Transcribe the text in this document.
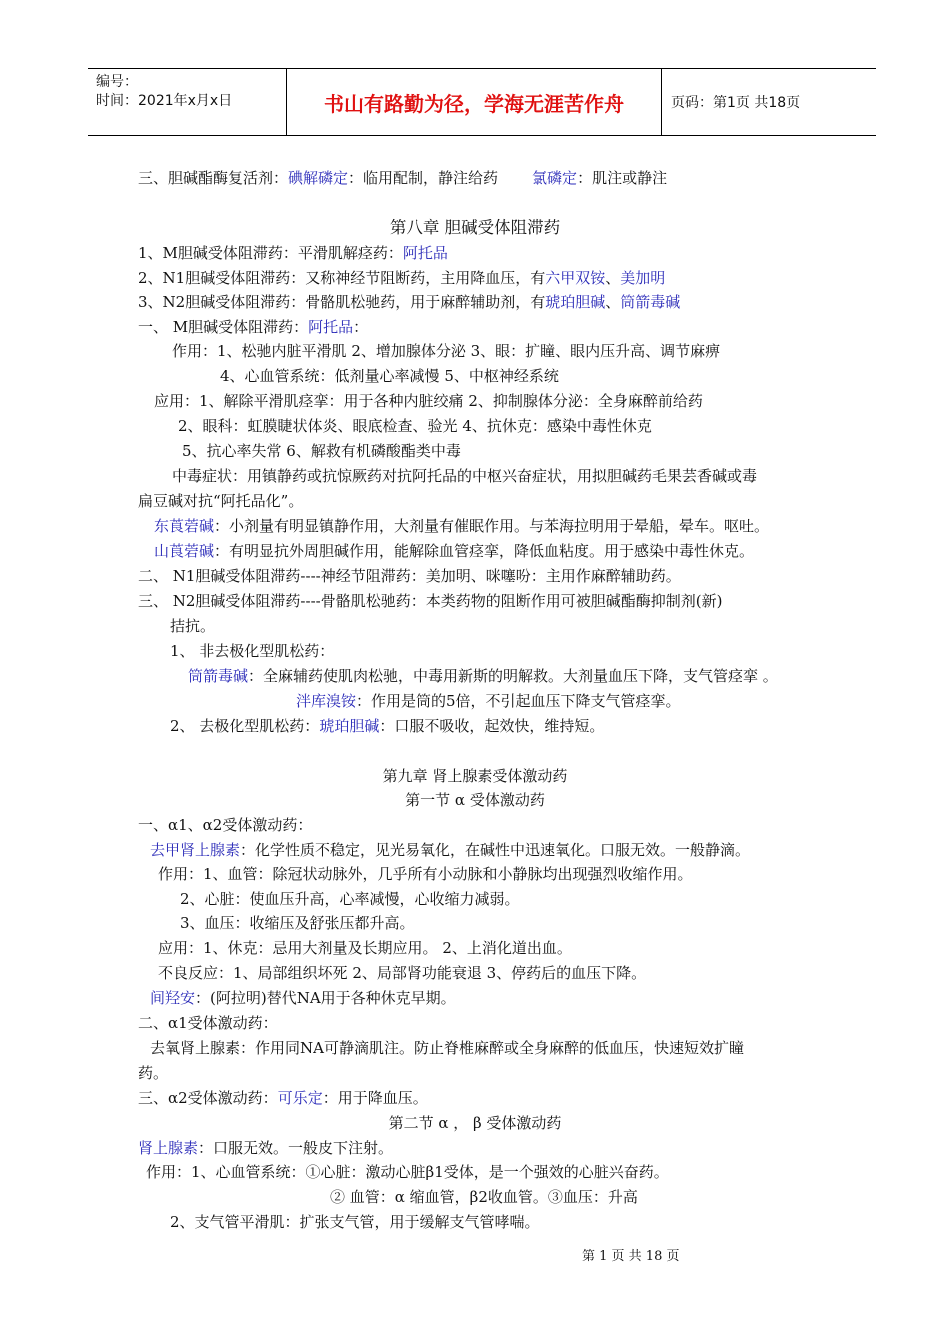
编号：
时间：2021年x月x日	书山有路勤为径，学海无涯苦作舟	页码：第1页 共18页
三、胆碱酯酶复活剂：碘解磷定：临用配制，静注给药 氯磷定：肌注或静注
第八章 胆碱受体阻滞药
1、M胆碱受体阻滞药：平滑肌解痉药：阿托品
2、N1胆碱受体阻滞药：又称神经节阻断药，主用降血压，有六甲双铵、美加明
3、N2胆碱受体阻滞药：骨骼肌松驰药，用于麻醉辅助剂，有琥珀胆碱、筒箭毒碱
一、 M胆碱受体阻滞药：阿托品：
作用：1、松驰内脏平滑肌 2、增加腺体分泌 3、眼：扩瞳、眼内压升高、调节麻痹
4、心血管系统：低剂量心率减慢 5、中枢神经系统
应用：1、解除平滑肌痉挛：用于各种内脏绞痛 2、抑制腺体分泌：全身麻醉前给药
2、眼科：虹膜睫状体炎、眼底检查、验光 4、抗休克：感染中毒性休克
5、抗心率失常 6、解救有机磷酸酯类中毒
中毒症状：用镇静药或抗惊厥药对抗阿托品的中枢兴奋症状，用拟胆碱药毛果芸香碱或毒
扁豆碱对抗“阿托品化”。
东莨菪碱：小剂量有明显镇静作用，大剂量有催眠作用。与苯海拉明用于晕船，晕车。呕吐。
山莨菪碱：有明显抗外周胆碱作用，能解除血管痉挛，降低血粘度。用于感染中毒性休克。
二、 N1胆碱受体阻滞药----神经节阻滞药：美加明、咪噻吩：主用作麻醉辅助药。
三、 N2胆碱受体阻滞药----骨骼肌松驰药：本类药物的阻断作用可被胆碱酯酶抑制剂(新)
拮抗。
1、 非去极化型肌松药：
筒箭毒碱：全麻辅药使肌肉松驰，中毒用新斯的明解救。大剂量血压下降，支气管痉挛 。
泮库溴铵：作用是筒的5倍，不引起血压下降支气管痉挛。
2、 去极化型肌松药：琥珀胆碱：口服不吸收，起效快，维持短。
第九章 肾上腺素受体激动药
第一节 α 受体激动药
一、α1、α2受体激动药：
去甲肾上腺素：化学性质不稳定，见光易氧化，在碱性中迅速氧化。口服无效。一般静滴。
作用：1、血管：除冠状动脉外，几乎所有小动脉和小静脉均出现强烈收缩作用。
2、心脏：使血压升高，心率减慢，心收缩力减弱。
3、血压：收缩压及舒张压都升高。
应用：1、休克：忌用大剂量及长期应用。 2、上消化道出血。
不良反应：1、局部组织坏死 2、局部肾功能衰退 3、停药后的血压下降。
间羟安：(阿拉明)替代NA用于各种休克早期。
二、α1受体激动药：
去氧肾上腺素：作用同NA可静滴肌注。防止脊椎麻醉或全身麻醉的低血压，快速短效扩瞳
药。
三、α2受体激动药：可乐定：用于降血压。
第二节 α ， β 受体激动药
肾上腺素：口服无效。一般皮下注射。
作用：1、心血管系统：①心脏：激动心脏β1受体，是一个强效的心脏兴奋药。
② 血管：α 缩血管，β2收血管。③血压：升高
2、支气管平滑肌：扩张支气管，用于缓解支气管哮喘。
第 1 页 共 18 页
